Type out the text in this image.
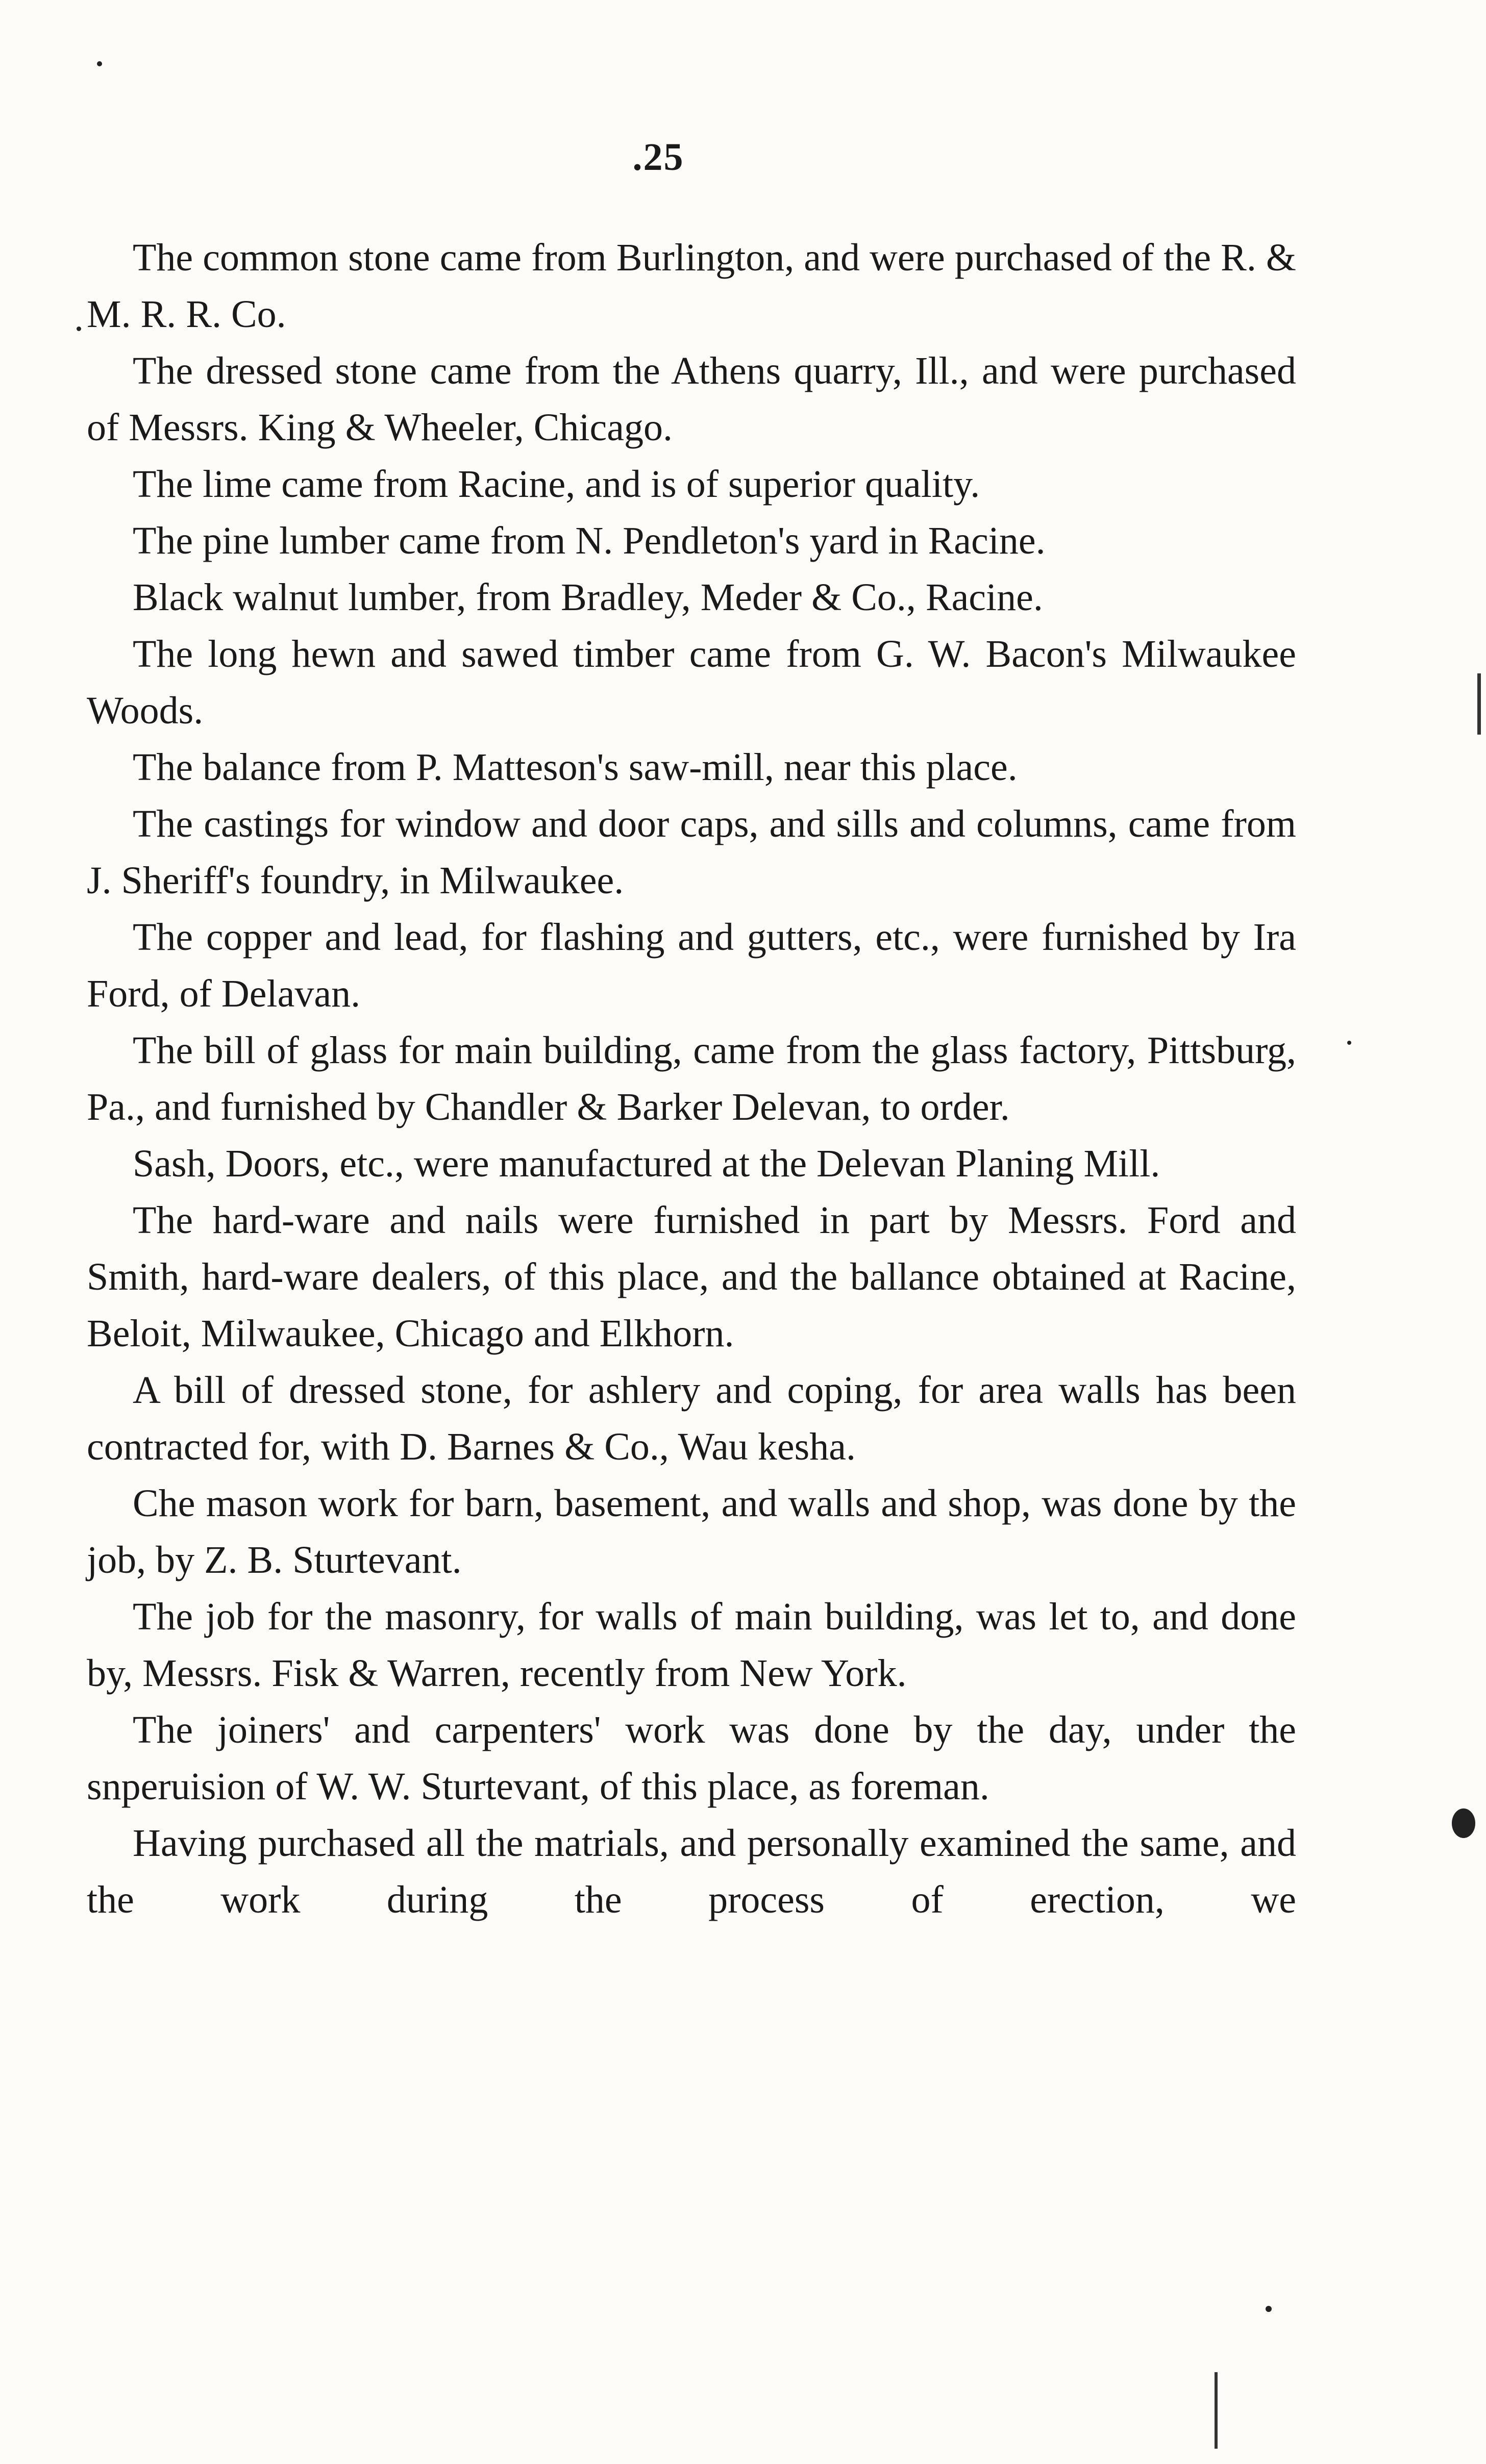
.25

The common stone came from Burlington, and were purchased of the R. & M. R. R. Co.

The dressed stone came from the Athens quarry, Ill., and were purchased of Messrs. King & Wheeler, Chicago.

The lime came from Racine, and is of superior quality.

The pine lumber came from N. Pendleton's yard in Racine.

Black walnut lumber, from Bradley, Meder & Co., Racine.

The long hewn and sawed timber came from G. W. Bacon's Milwaukee Woods.

The balance from P. Matteson's saw-mill, near this place.

The castings for window and door caps, and sills and columns, came from J. Sheriff's foundry, in Milwaukee.

The copper and lead, for flashing and gutters, etc., were furnished by Ira Ford, of Delavan.

The bill of glass for main building, came from the glass factory, Pittsburg, Pa., and furnished by Chandler & Barker Delevan, to order.

Sash, Doors, etc., were manufactured at the Delevan Planing Mill.

The hard-ware and nails were furnished in part by Messrs. Ford and Smith, hard-ware dealers, of this place, and the ballance obtained at Racine, Beloit, Milwaukee, Chicago and Elkhorn.

A bill of dressed stone, for ashlery and coping, for area walls has been contracted for, with D. Barnes & Co., Wau kesha.

Che mason work for barn, basement, and walls and shop, was done by the job, by Z. B. Sturtevant.

The job for the masonry, for walls of main building, was let to, and done by, Messrs. Fisk & Warren, recently from New York.

The joiners' and carpenters' work was done by the day, under the snperuision of W. W. Sturtevant, of this place, as foreman.

Having purchased all the matrials, and personally examined the same, and the work during the process of erection, we
